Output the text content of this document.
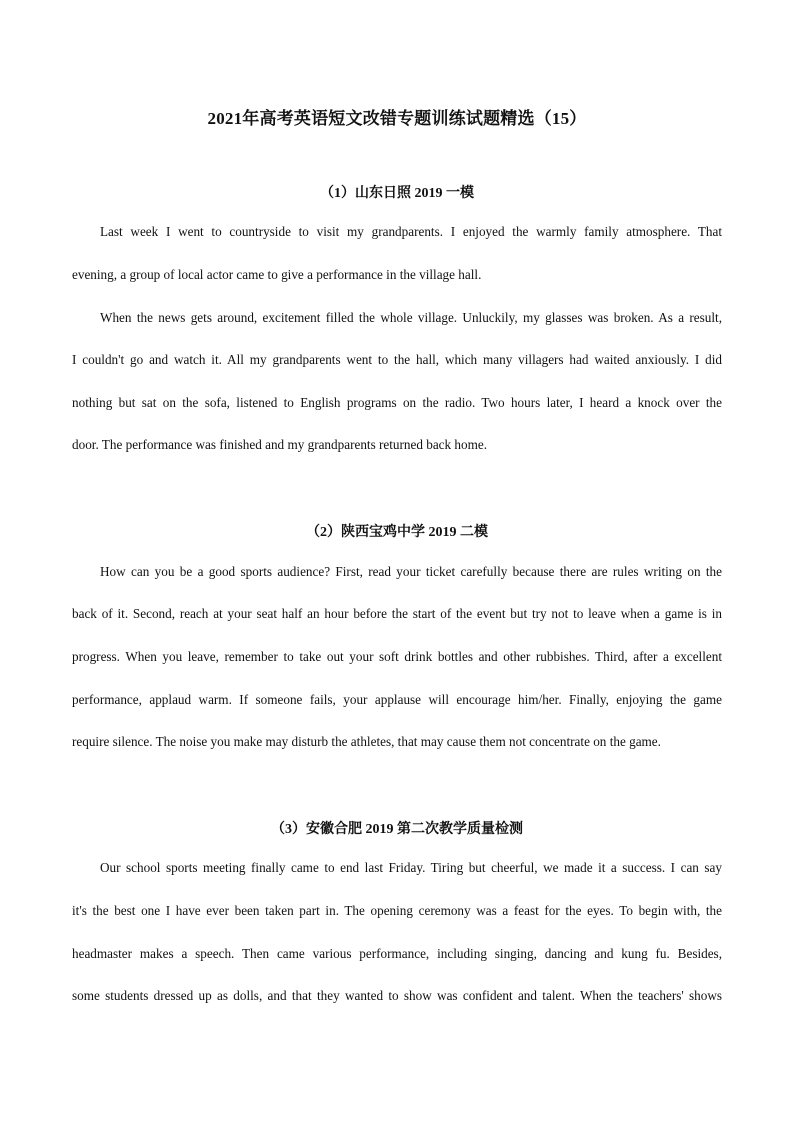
2021年高考英语短文改错专题训练试题精选（15）
（1）山东日照 2019 一模
Last week I went to countryside to visit my grandparents. I enjoyed the warmly family atmosphere. That
evening, a group of local actor came to give a performance in the village hall.
When the news gets around, excitement filled the whole village. Unluckily, my glasses was broken. As a result,
I couldn't go and watch it. All my grandparents went to the hall, which many villagers had waited anxiously. I did
nothing but sat on the sofa, listened to English programs on the radio. Two hours later, I heard a knock over the
door. The performance was finished and my grandparents returned back home.
（2）陕西宝鸡中学 2019 二模
How can you be a good sports audience? First, read your ticket carefully because there are rules writing on the
back of it. Second, reach at your seat half an hour before the start of the event but try not to leave when a game is in
progress. When you leave, remember to take out your soft drink bottles and other rubbishes. Third, after a excellent
performance, applaud warm. If someone fails, your applause will encourage him/her. Finally, enjoying the game
require silence. The noise you make may disturb the athletes, that may cause them not concentrate on the game.
（3）安徽合肥 2019 第二次教学质量检测
Our school sports meeting finally came to end last Friday. Tiring but cheerful, we made it a success. I can say
it's the best one I have ever been taken part in. The opening ceremony was a feast for the eyes. To begin with, the
headmaster makes a speech. Then came various performance, including singing, dancing and kung fu. Besides,
some students dressed up as dolls, and that they wanted to show was confident and talent. When the teachers' shows
